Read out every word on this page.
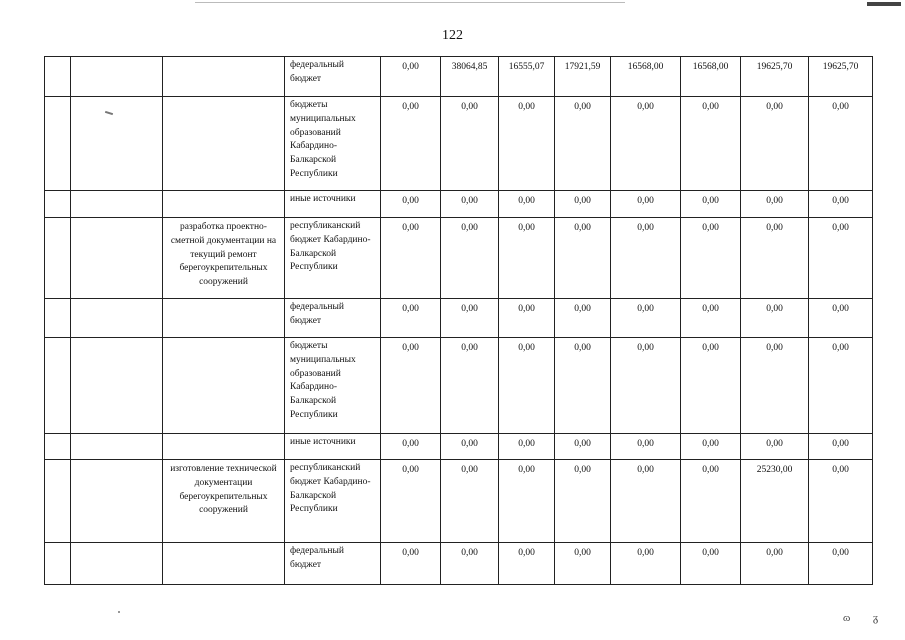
122
			федеральный бюджет	0,00	38064,85	16555,07	17921,59	16568,00	16568,00	19625,70	19625,70
			бюджеты муниципальных образований Кабардино-Балкарской Республики	0,00	0,00	0,00	0,00	0,00	0,00	0,00	0,00
			иные источники	0,00	0,00	0,00	0,00	0,00	0,00	0,00	0,00
		разработка проектно-сметной документации на текущий ремонт берегоукрепительных сооружений	республиканский бюджет Кабардино-Балкарской Республики	0,00	0,00	0,00	0,00	0,00	0,00	0,00	0,00
			федеральный бюджет	0,00	0,00	0,00	0,00	0,00	0,00	0,00	0,00
			бюджеты муниципальных образований Кабардино-Балкарской Республики	0,00	0,00	0,00	0,00	0,00	0,00	0,00	0,00
			иные источники	0,00	0,00	0,00	0,00	0,00	0,00	0,00	0,00
		изготовление технической документации берегоукрепительных сооружений	республиканский бюджет Кабардино-Балкарской Республики	0,00	0,00	0,00	0,00	0,00	0,00	25230,00	0,00
			федеральный бюджет	0,00	0,00	0,00	0,00	0,00	0,00	0,00	0,00
ɷ ᵹ
